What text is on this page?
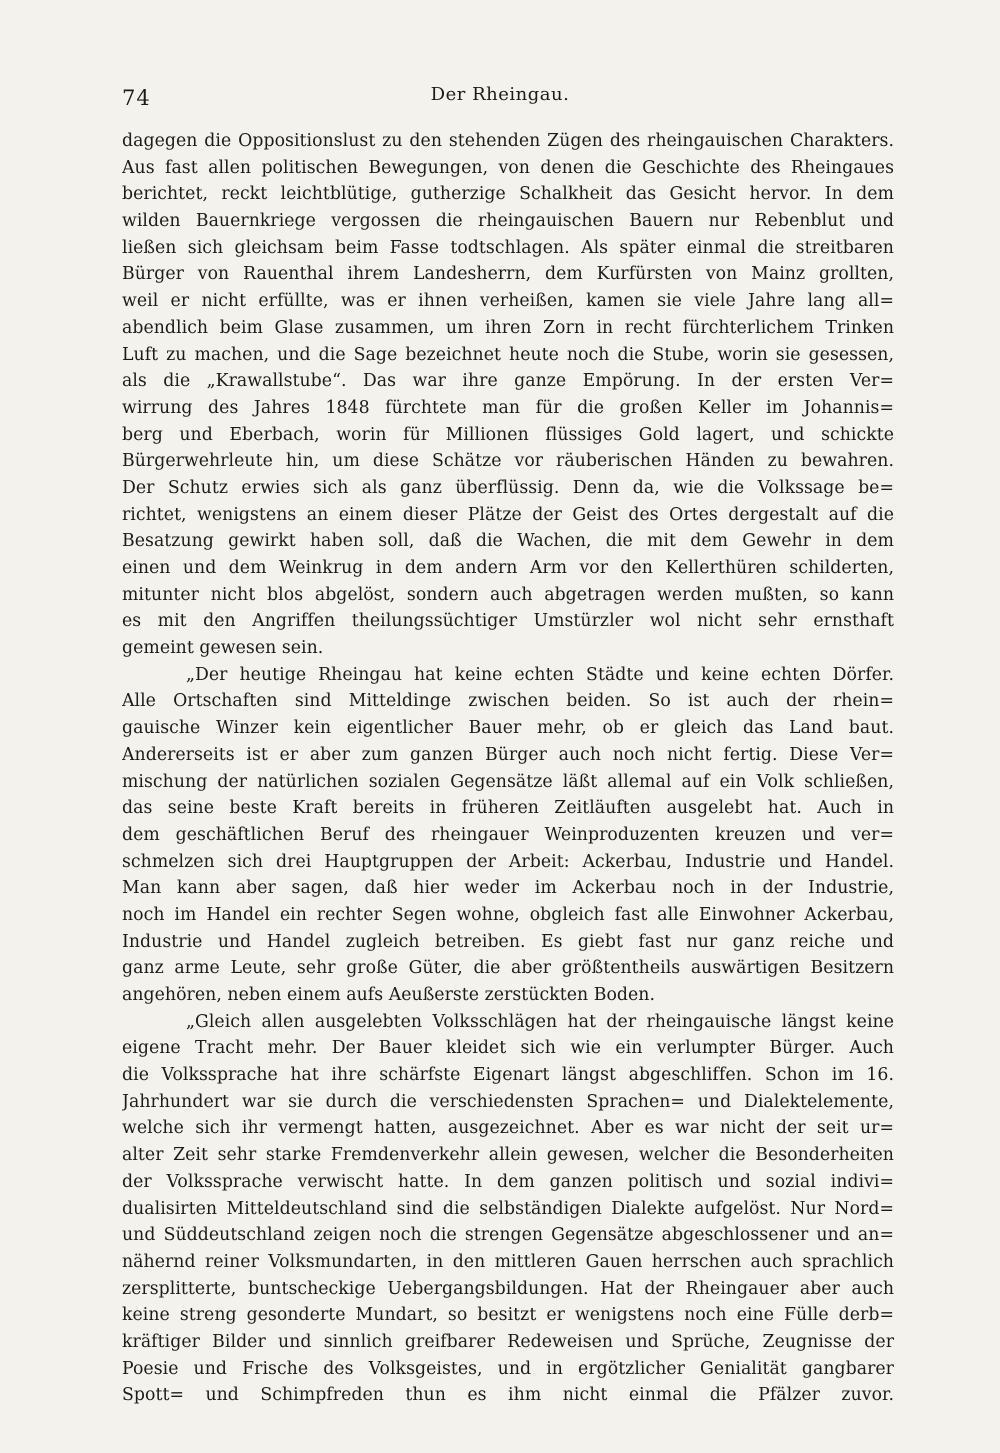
74	Der Rheingau.
dagegen die Oppositionslust zu den stehenden Zügen des rheingauischen Charakters.
Aus fast allen politischen Bewegungen, von denen die Geschichte des Rheingaues
berichtet, reckt leichtblütige, gutherzige Schalkheit das Gesicht hervor. In dem
wilden Bauernkriege vergossen die rheingauischen Bauern nur Rebenblut und
ließen sich gleichsam beim Fasse todtschlagen. Als später einmal die streitbaren
Bürger von Rauenthal ihrem Landesherrn, dem Kurfürsten von Mainz grollten,
weil er nicht erfüllte, was er ihnen verheißen, kamen sie viele Jahre lang all=
abendlich beim Glase zusammen, um ihren Zorn in recht fürchterlichem Trinken
Luft zu machen, und die Sage bezeichnet heute noch die Stube, worin sie gesessen,
als die „Krawallstube“. Das war ihre ganze Empörung. In der ersten Ver=
wirrung des Jahres 1848 fürchtete man für die großen Keller im Johannis=
berg und Eberbach, worin für Millionen flüssiges Gold lagert, und schickte
Bürgerwehrleute hin, um diese Schätze vor räuberischen Händen zu bewahren.
Der Schutz erwies sich als ganz überflüssig. Denn da, wie die Volkssage be=
richtet, wenigstens an einem dieser Plätze der Geist des Ortes dergestalt auf die
Besatzung gewirkt haben soll, daß die Wachen, die mit dem Gewehr in dem
einen und dem Weinkrug in dem andern Arm vor den Kellerthüren schilderten,
mitunter nicht blos abgelöst, sondern auch abgetragen werden mußten, so kann
es mit den Angriffen theilungssüchtiger Umstürzler wol nicht sehr ernsthaft
gemeint gewesen sein.
„Der heutige Rheingau hat keine echten Städte und keine echten Dörfer.
Alle Ortschaften sind Mitteldinge zwischen beiden. So ist auch der rhein=
gauische Winzer kein eigentlicher Bauer mehr, ob er gleich das Land baut.
Andererseits ist er aber zum ganzen Bürger auch noch nicht fertig. Diese Ver=
mischung der natürlichen sozialen Gegensätze läßt allemal auf ein Volk schließen,
das seine beste Kraft bereits in früheren Zeitläuften ausgelebt hat. Auch in
dem geschäftlichen Beruf des rheingauer Weinproduzenten kreuzen und ver=
schmelzen sich drei Hauptgruppen der Arbeit: Ackerbau, Industrie und Handel.
Man kann aber sagen, daß hier weder im Ackerbau noch in der Industrie,
noch im Handel ein rechter Segen wohne, obgleich fast alle Einwohner Ackerbau,
Industrie und Handel zugleich betreiben. Es giebt fast nur ganz reiche und
ganz arme Leute, sehr große Güter, die aber größtentheils auswärtigen Besitzern
angehören, neben einem aufs Aeußerste zerstückten Boden.
„Gleich allen ausgelebten Volksschlägen hat der rheingauische längst keine
eigene Tracht mehr. Der Bauer kleidet sich wie ein verlumpter Bürger. Auch
die Volkssprache hat ihre schärfste Eigenart längst abgeschliffen. Schon im 16.
Jahrhundert war sie durch die verschiedensten Sprachen= und Dialektelemente,
welche sich ihr vermengt hatten, ausgezeichnet. Aber es war nicht der seit ur=
alter Zeit sehr starke Fremdenverkehr allein gewesen, welcher die Besonderheiten
der Volkssprache verwischt hatte. In dem ganzen politisch und sozial indivi=
dualisirten Mitteldeutschland sind die selbständigen Dialekte aufgelöst. Nur Nord=
und Süddeutschland zeigen noch die strengen Gegensätze abgeschlossener und an=
nähernd reiner Volksmundarten, in den mittleren Gauen herrschen auch sprachlich
zersplitterte, buntscheckige Uebergangsbildungen. Hat der Rheingauer aber auch
keine streng gesonderte Mundart, so besitzt er wenigstens noch eine Fülle derb=
kräftiger Bilder und sinnlich greifbarer Redeweisen und Sprüche, Zeugnisse der
Poesie und Frische des Volksgeistes, und in ergötzlicher Genialität gangbarer
Spott= und Schimpfreden thun es ihm nicht einmal die Pfälzer zuvor.
